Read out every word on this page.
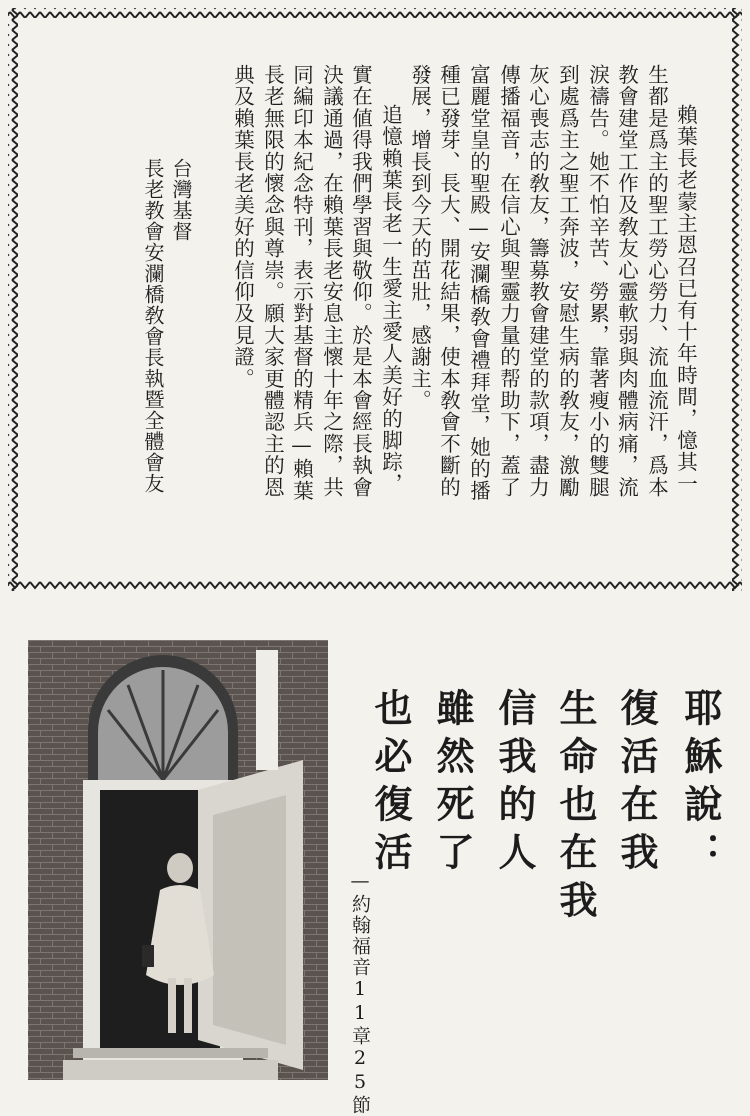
賴葉長老蒙主恩召已有十年時間，憶其一

生都是爲主的聖工勞心勞力、流血流汗，爲本

教會建堂工作及敎友心靈軟弱與肉體病痛，流

淚禱告。她不怕辛苦、勞累，靠著瘦小的雙腿

到處爲主之聖工奔波，安慰生病的敎友，激勵

灰心喪志的敎友，籌募教會建堂的款項，盡力

傳播福音，在信心與聖靈力量的帮助下，蓋了

富麗堂皇的聖殿—安瀾橋敎會禮拜堂，她的播

種已發芽、長大、開花結果，使本敎會不斷的

發展，增長到今天的茁壯，感謝主。

追憶賴葉長老一生愛主愛人美好的脚踪，

實在値得我們學習與敬仰。於是本會經長執會

決議通過，在賴葉長老安息主懷十年之際，共

同編印本紀念特刊，表示對基督的精兵—賴葉

長老無限的懷念與尊崇。願大家更體認主的恩

典及賴葉長老美好的信仰及見證。

台灣基督

長老教會安瀾橋敎會長執暨全體會友

耶穌說：

復活在我

生命也在我

信我的人

雖然死了

也必復活

—約翰福音11章25節
